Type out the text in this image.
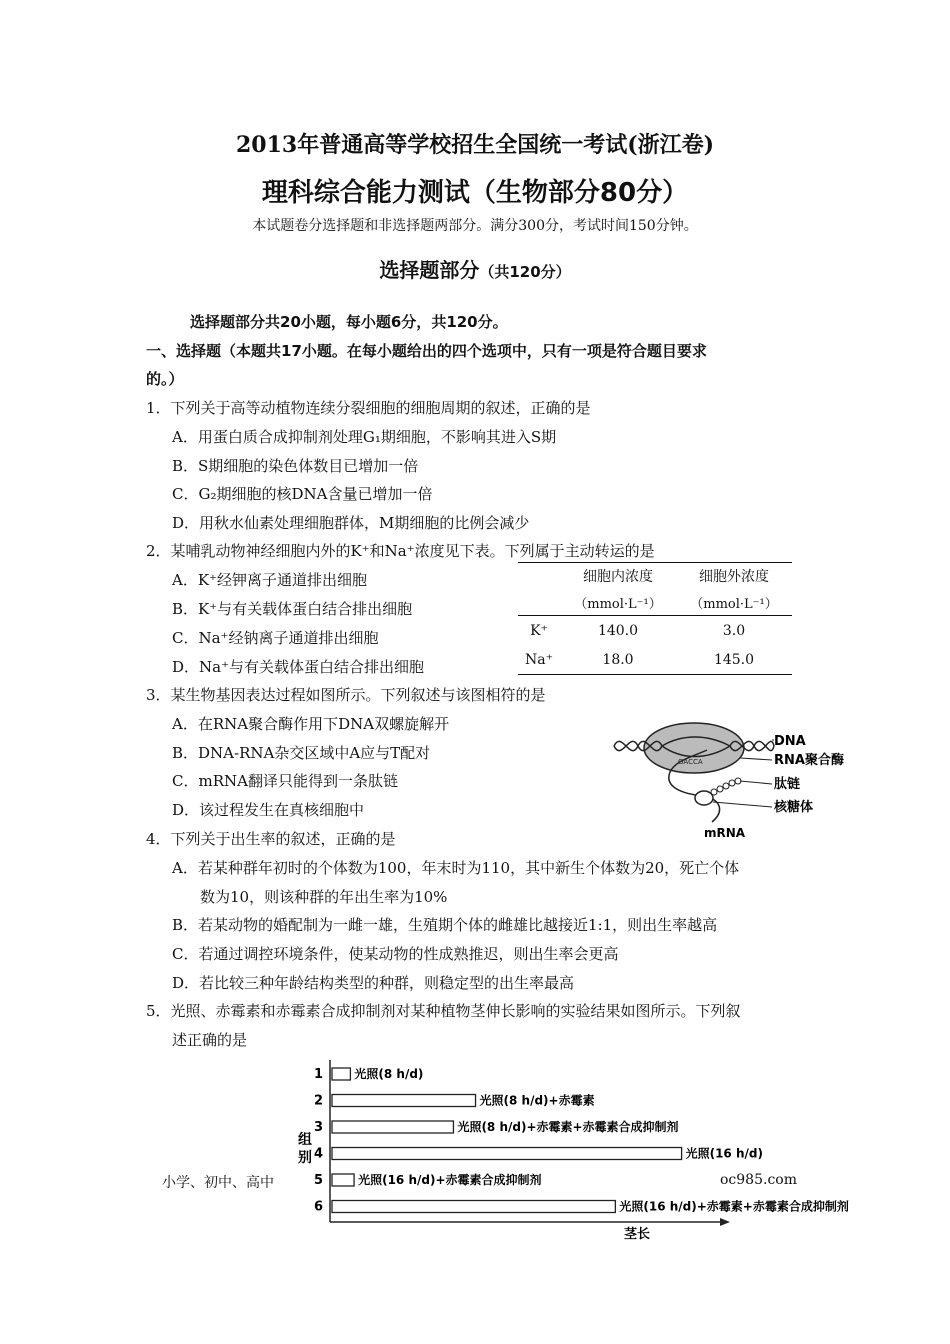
2013年普通高等学校招生全国统一考试(浙江卷)
理科综合能力测试（生物部分80分）
本试题卷分选择题和非选择题两部分。满分300分，考试时间150分钟。
选择题部分（共120分）
选择题部分共20小题，每小题6分，共120分。
一、选择题（本题共17小题。在每小题给出的四个选项中，只有一项是符合题目要求
的。）
1．下列关于高等动植物连续分裂细胞的细胞周期的叙述，正确的是
A．用蛋白质合成抑制剂处理G₁期细胞，不影响其进入S期
B．S期细胞的染色体数目已增加一倍
C．G₂期细胞的核DNA含量已增加一倍
D．用秋水仙素处理细胞群体，M期细胞的比例会减少
2．某哺乳动物神经细胞内外的K⁺和Na⁺浓度见下表。下列属于主动转运的是
A．K⁺经钾离子通道排出细胞
B．K⁺与有关载体蛋白结合排出细胞
C．Na⁺经钠离子通道排出细胞
D．Na⁺与有关载体蛋白结合排出细胞
	细胞内浓度	细胞外浓度
	（mmol·L⁻¹）	（mmol·L⁻¹）
K⁺	140.0	3.0
Na⁺	18.0	145.0
3．某生物基因表达过程如图所示。下列叙述与该图相符的是
A．在RNA聚合酶作用下DNA双螺旋解开
B．DNA-RNA杂交区域中A应与T配对
C．mRNA翻译只能得到一条肽链
D．该过程发生在真核细胞中
GACCA
DNA
RNA聚合酶
肽链
核糖体
mRNA
4．下列关于出生率的叙述，正确的是
A．若某种群年初时的个体数为100，年末时为110，其中新生个体数为20，死亡个体
数为10，则该种群的年出生率为10%
B．若某动物的婚配制为一雌一雄，生殖期个体的雌雄比越接近1:1，则出生率越高
C．若通过调控环境条件，使某动物的性成熟推迟，则出生率会更高
D．若比较三种年龄结构类型的种群，则稳定型的出生率最高
5．光照、赤霉素和赤霉素合成抑制剂对某种植物茎伸长影响的实验结果如图所示。下列叙
述正确的是
小学、初中、高中	oc985.com
组
别
茎长
1	光照(8 h/d)
2	光照(8 h/d)+赤霉素
3	光照(8 h/d)+赤霉素+赤霉素合成抑制剂
4	光照(16 h/d)
5	光照(16 h/d)+赤霉素合成抑制剂
6	光照(16 h/d)+赤霉素+赤霉素合成抑制剂
